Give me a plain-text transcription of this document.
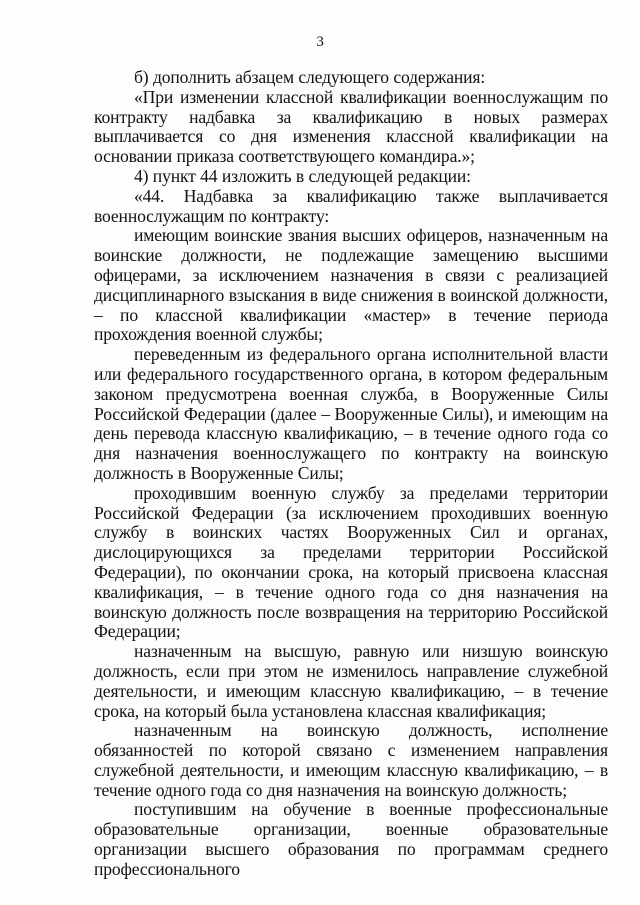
3

б) дополнить абзацем следующего содержания:

«При изменении классной квалификации военнослужащим по контракту надбавка за квалификацию в новых размерах выплачивается со дня изменения классной квалификации на основании приказа соответствующего командира.»;

4) пункт 44 изложить в следующей редакции:

«44. Надбавка за квалификацию также выплачивается военнослужащим по контракту:

имеющим воинские звания высших офицеров, назначенным на воинские должности, не подлежащие замещению высшими офицерами, за исключением назначения в связи с реализацией дисциплинарного взыскания в виде снижения в воинской должности, – по классной квалификации «мастер» в течение периода прохождения военной службы;

переведенным из федерального органа исполнительной власти или федерального государственного органа, в котором федеральным законом предусмотрена военная служба, в Вооруженные Силы Российской Федерации (далее – Вооруженные Силы), и имеющим на день перевода классную квалификацию, – в течение одного года со дня назначения военнослужащего по контракту на воинскую должность в Вооруженные Силы;

проходившим военную службу за пределами территории Российской Федерации (за исключением проходивших военную службу в воинских частях Вооруженных Сил и органах, дислоцирующихся за пределами территории Российской Федерации), по окончании срока, на который присвоена классная квалификация, – в течение одного года со дня назначения на воинскую должность после возвращения на территорию Российской Федерации;

назначенным на высшую, равную или низшую воинскую должность, если при этом не изменилось направление служебной деятельности, и имеющим классную квалификацию, – в течение срока, на который была установлена классная квалификация;

назначенным на воинскую должность, исполнение обязанностей по которой связано с изменением направления служебной деятельности, и имеющим классную квалификацию, – в течение одного года со дня назначения на воинскую должность;

поступившим на обучение в военные профессиональные образовательные организации, военные образовательные организации высшего образования по программам среднего профессионального
